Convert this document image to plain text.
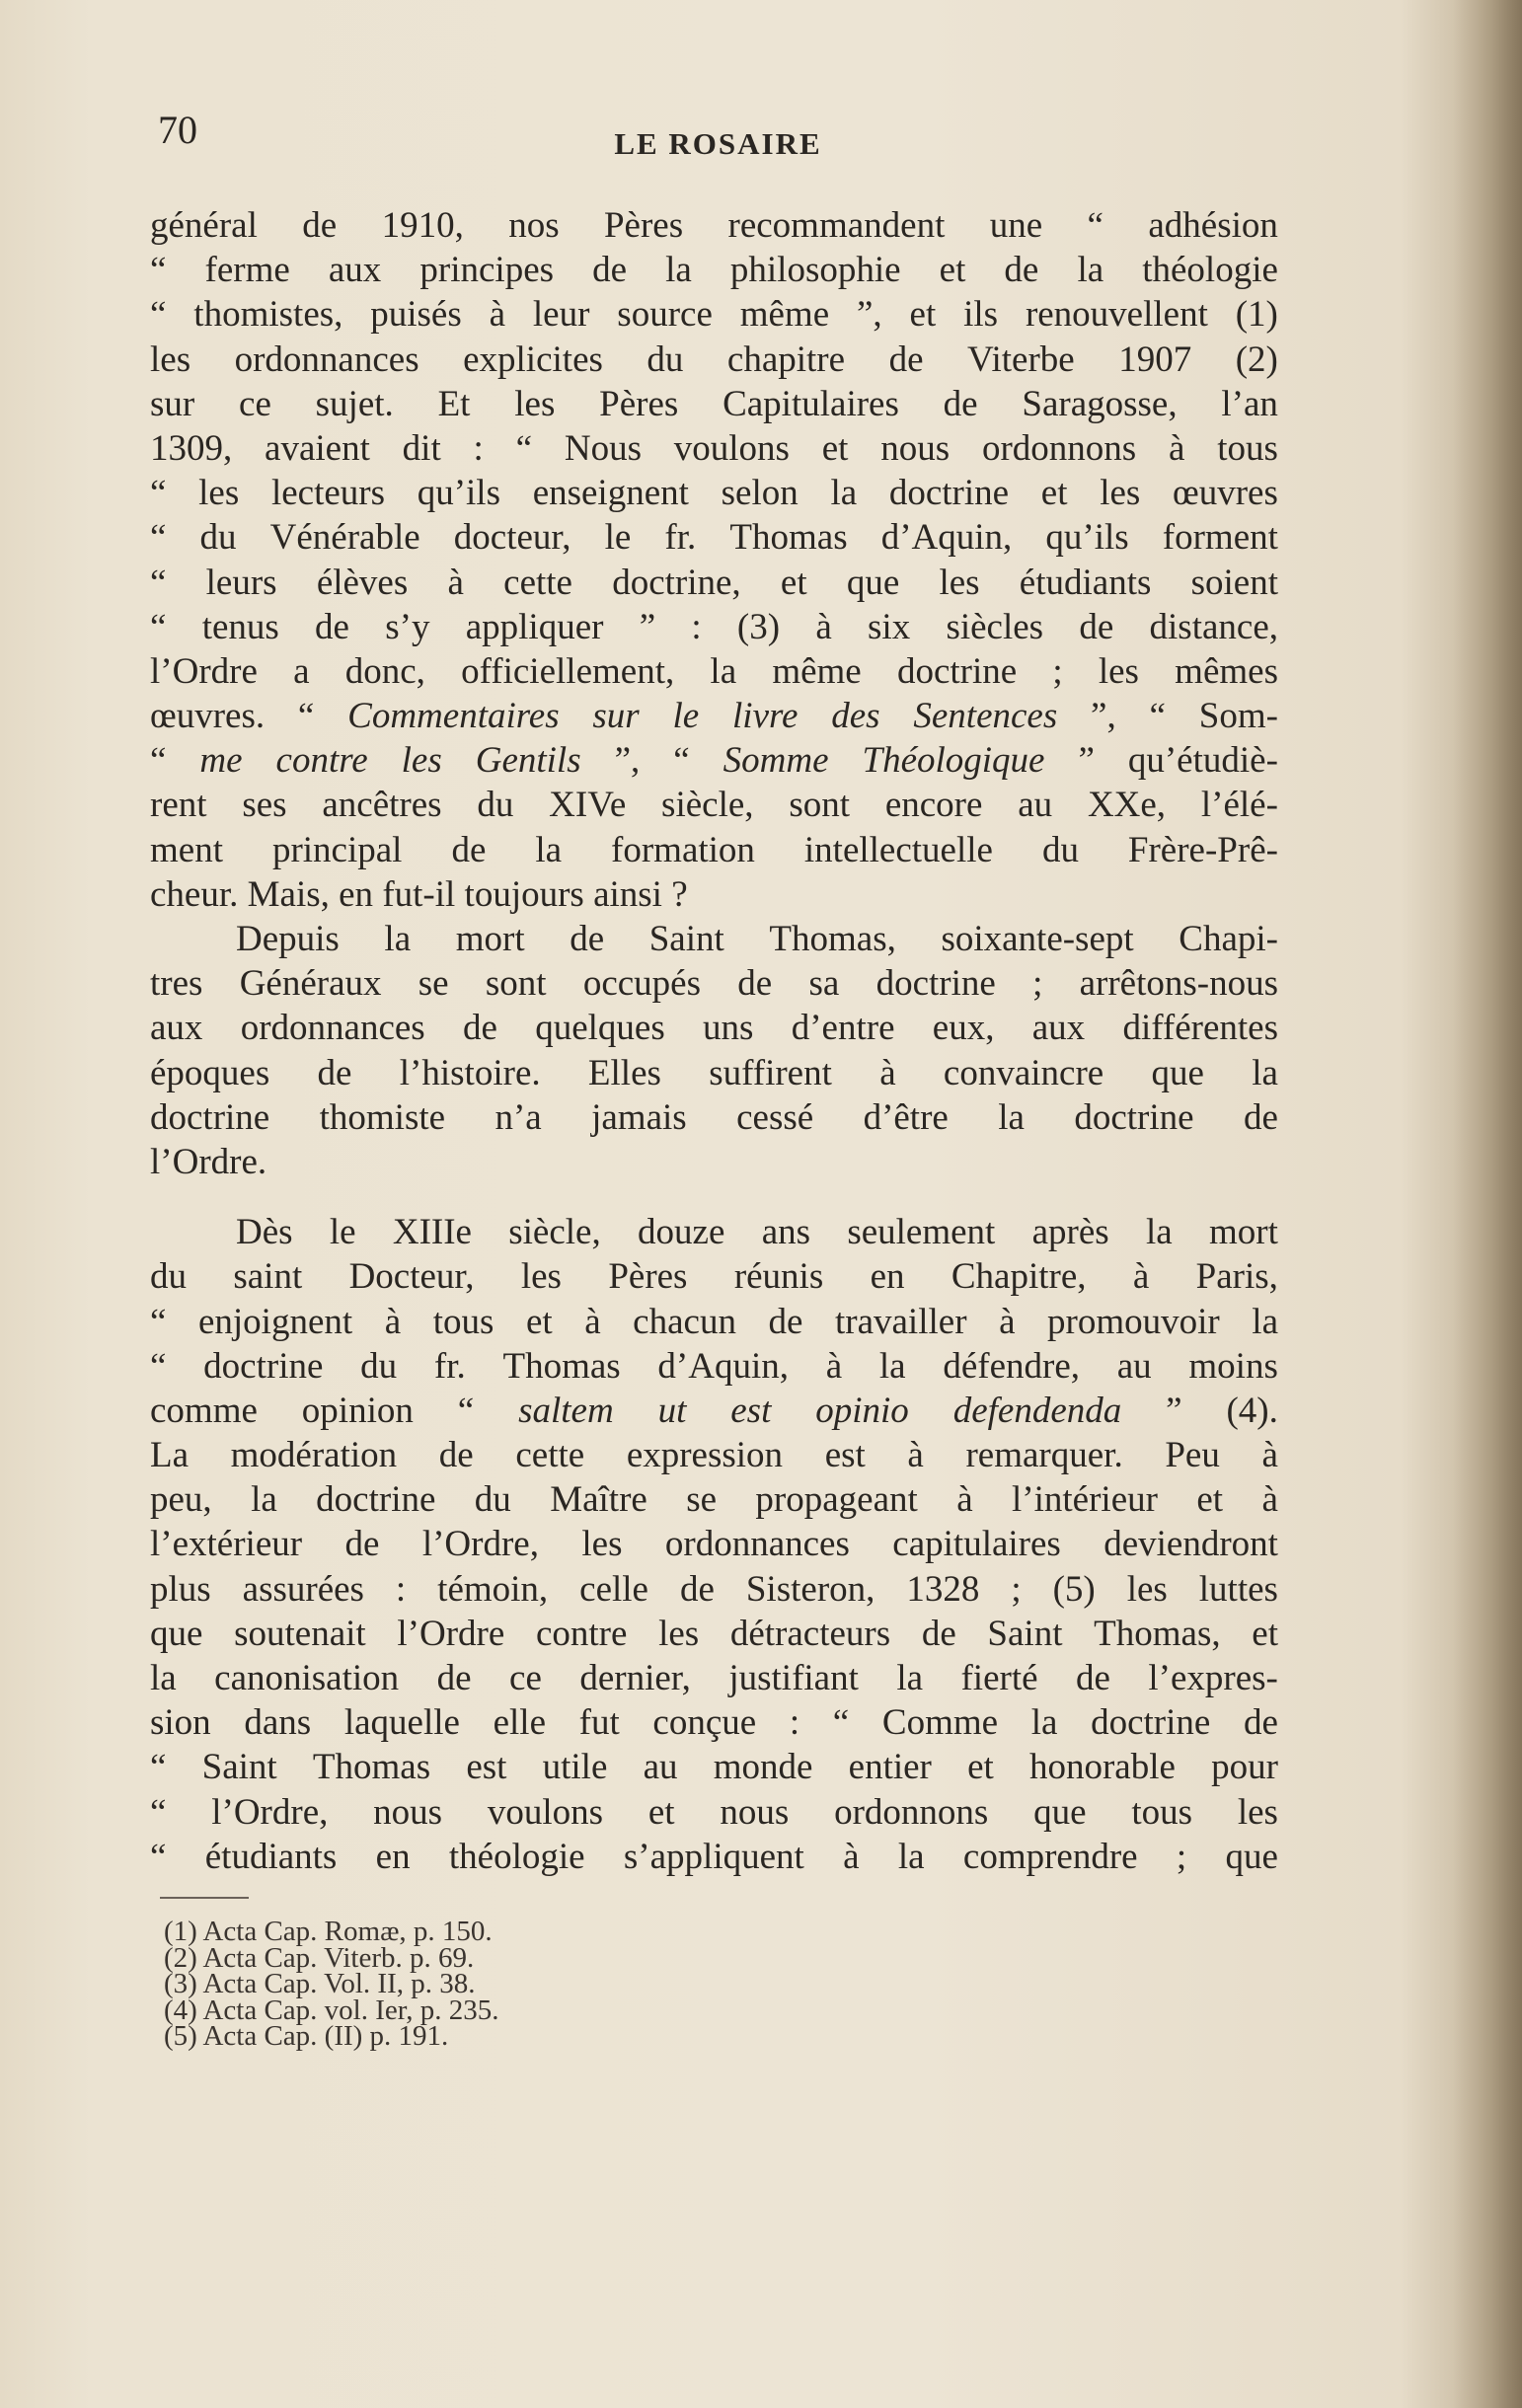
70	LE ROSAIRE
général de 1910, nos Pères recommandent une “ adhésion
“ ferme aux principes de la philosophie et de la théologie
“ thomistes, puisés à leur source même ”, et ils renouvellent (1)
les ordonnances explicites du chapitre de Viterbe 1907 (2)
sur ce sujet. Et les Pères Capitulaires de Saragosse, l’an
1309, avaient dit : “ Nous voulons et nous ordonnons à tous
“ les lecteurs qu’ils enseignent selon la doctrine et les œuvres
“ du Vénérable docteur, le fr. Thomas d’Aquin, qu’ils forment
“ leurs élèves à cette doctrine, et que les étudiants soient
“ tenus de s’y appliquer ” : (3) à six siècles de distance,
l’Ordre a donc, officiellement, la même doctrine ; les mêmes
œuvres. “ Commentaires sur le livre des Sentences ”, “ Som-
“ me contre les Gentils ”, “ Somme Théologique ” qu’étudiè-
rent ses ancêtres du XIVe siècle, sont encore au XXe, l’élé-
ment principal de la formation intellectuelle du Frère-Prê-
cheur.
Mais,
en
fut-il
toujours
ainsi
?
Depuis la mort de Saint Thomas, soixante-sept Chapi-
tres Généraux se sont occupés de sa doctrine ; arrêtons-nous
aux ordonnances de quelques uns d’entre eux, aux différentes
époques de l’histoire. Elles suffirent à convaincre que la
doctrine thomiste n’a jamais cessé d’être la doctrine de
l’Ordre.
Dès le XIIIe siècle, douze ans seulement après la mort
du saint Docteur, les Pères réunis en Chapitre, à Paris,
“ enjoignent à tous et à chacun de travailler à promouvoir la
“ doctrine du fr. Thomas d’Aquin, à la défendre, au moins
comme opinion “ saltem ut est opinio defendenda ” (4).
La modération de cette expression est à remarquer. Peu à
peu, la doctrine du Maître se propageant à l’intérieur et à
l’extérieur de l’Ordre, les ordonnances capitulaires deviendront
plus assurées : témoin, celle de Sisteron, 1328 ; (5) les luttes
que soutenait l’Ordre contre les détracteurs de Saint Thomas, et
la canonisation de ce dernier, justifiant la fierté de l’expres-
sion dans laquelle elle fut conçue : “ Comme la doctrine de
“ Saint Thomas est utile au monde entier et honorable pour
“ l’Ordre, nous voulons et nous ordonnons que tous les
“ étudiants en théologie s’appliquent à la comprendre ; que
(1) Acta Cap. Romæ, p. 150.
(2) Acta Cap. Viterb. p. 69.
(3) Acta Cap. Vol. II, p. 38.
(4) Acta Cap. vol. Ier, p. 235.
(5) Acta Cap. (II) p. 191.
